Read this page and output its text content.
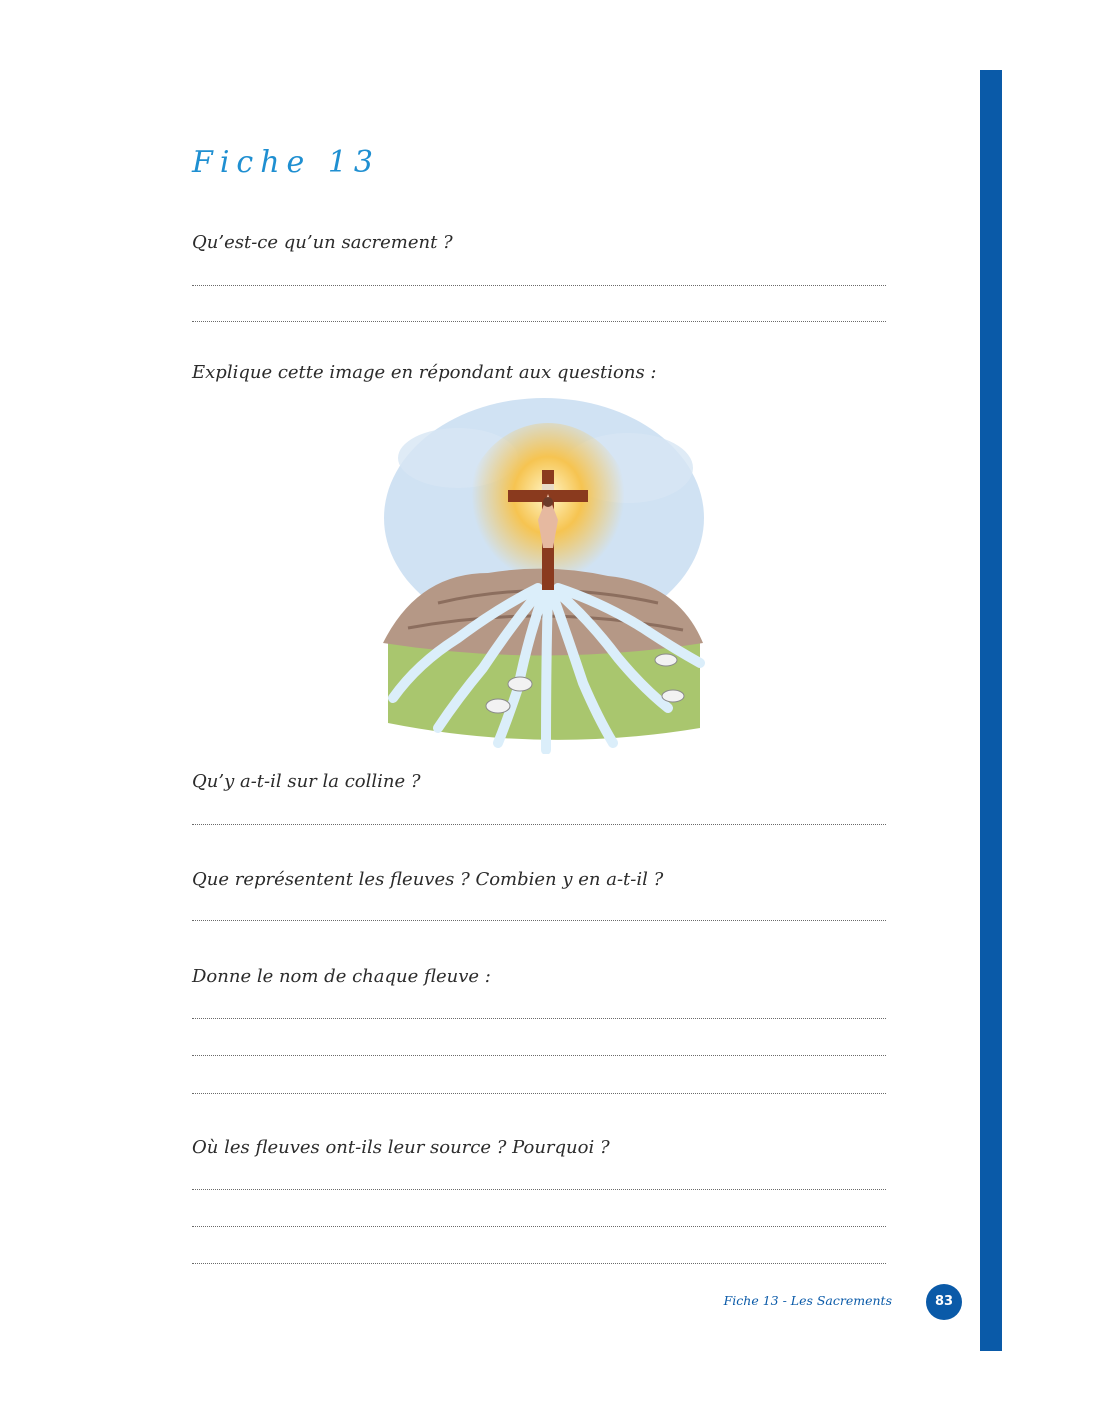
Fiche 13

Qu’est-ce qu’un sacrement ?

Explique cette image en répondant aux questions :

Qu’y a-t-il sur la colline ?

Que représentent les fleuves ? Combien y en a-t-il ?

Donne le nom de chaque fleuve :

Où les fleuves ont-ils leur source ? Pourquoi ?

Fiche 13 - Les Sacrements	83
